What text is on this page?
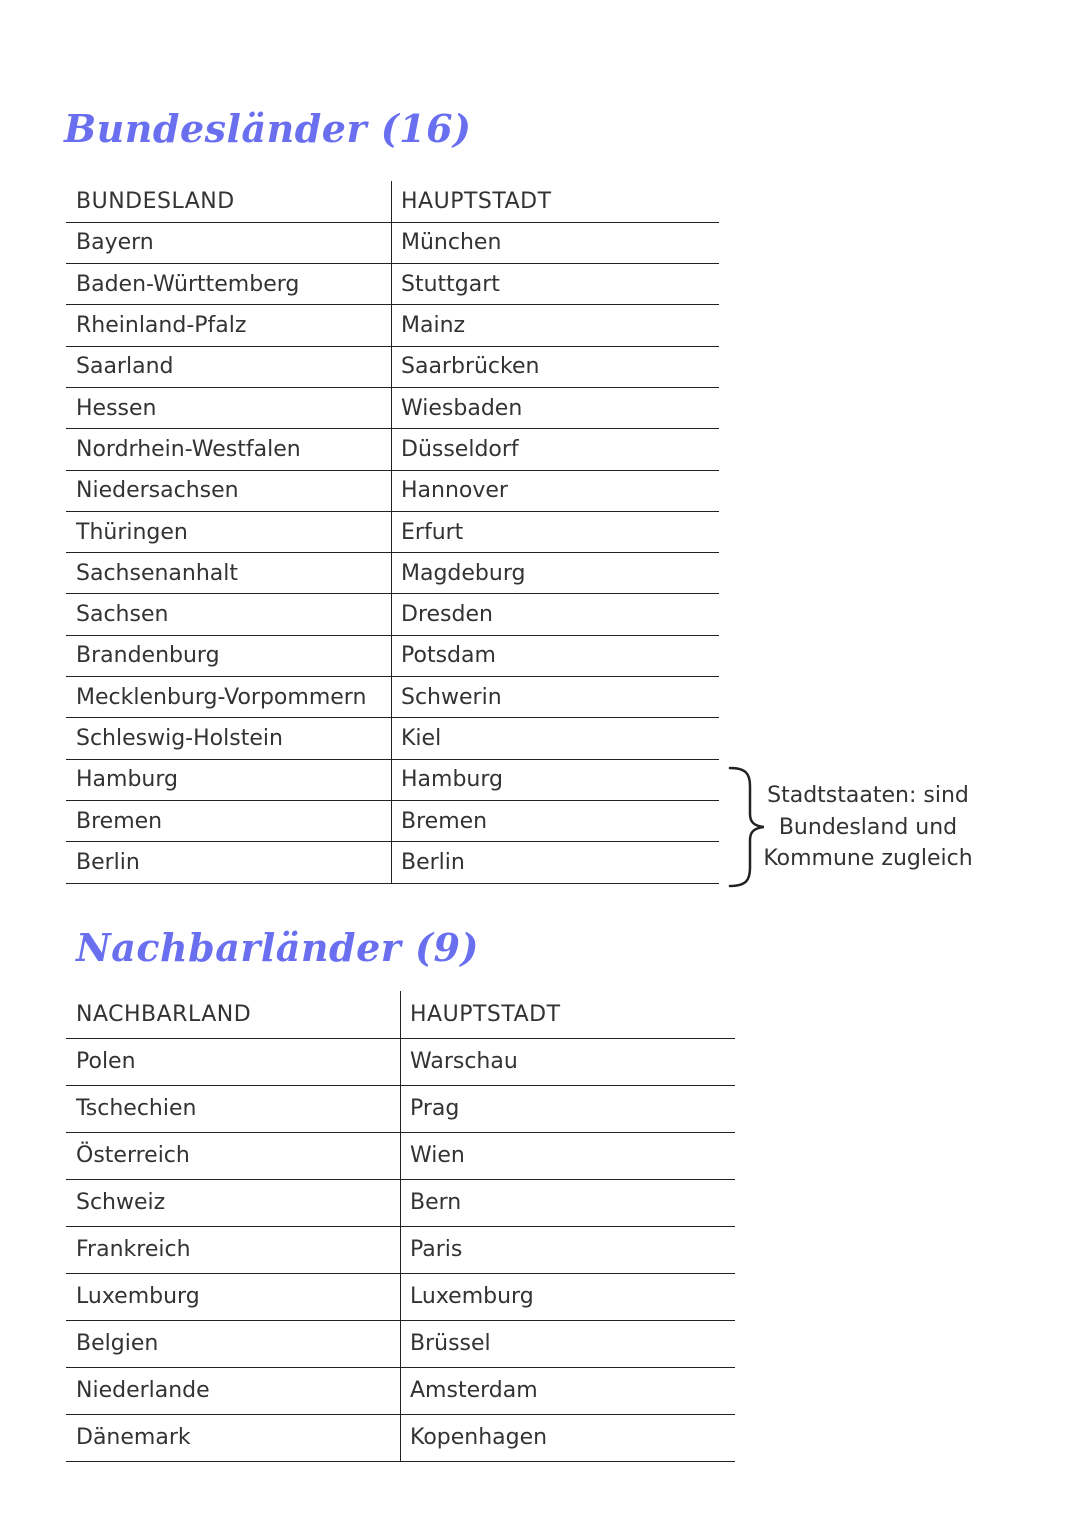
Bundesländer (16)
BUNDESLAND	HAUPTSTADT
Bayern	München
Baden-Württemberg	Stuttgart
Rheinland-Pfalz	Mainz
Saarland	Saarbrücken
Hessen	Wiesbaden
Nordrhein-Westfalen	Düsseldorf
Niedersachsen	Hannover
Thüringen	Erfurt
Sachsenanhalt	Magdeburg
Sachsen	Dresden
Brandenburg	Potsdam
Mecklenburg-Vorpommern	Schwerin
Schleswig-Holstein	Kiel
Hamburg	Hamburg
Bremen	Bremen
Berlin	Berlin
Stadtstaaten: sind
Bundesland und
Kommune zugleich
Nachbarländer (9)
NACHBARLAND	HAUPTSTADT
Polen	Warschau
Tschechien	Prag
Österreich	Wien
Schweiz	Bern
Frankreich	Paris
Luxemburg	Luxemburg
Belgien	Brüssel
Niederlande	Amsterdam
Dänemark	Kopenhagen
